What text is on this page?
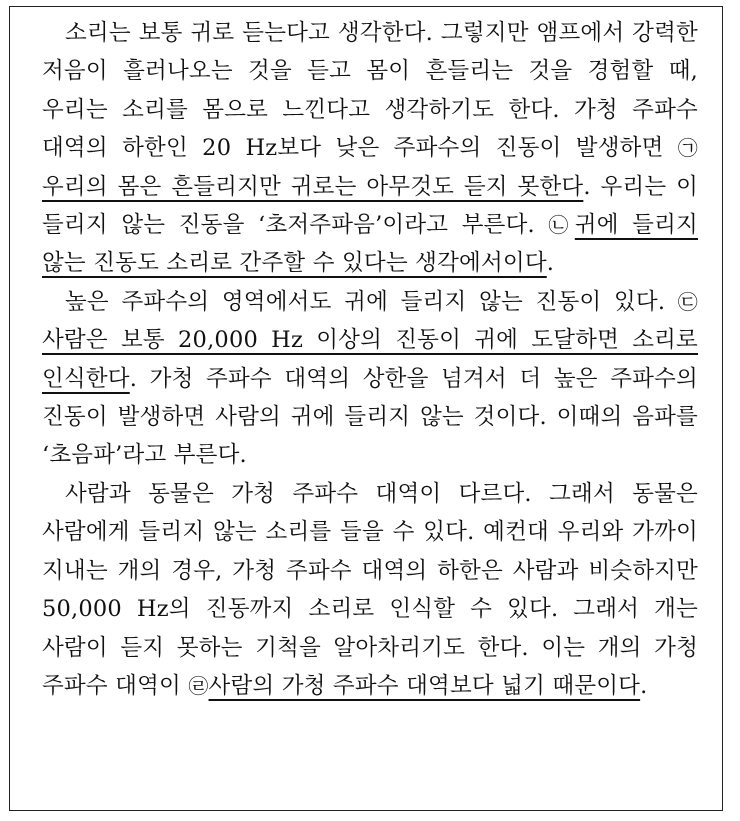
소리는 보통 귀로 듣는다고 생각한다. 그렇지만 앰프에서 강력한 저음이 흘러나오는 것을 듣고 몸이 흔들리는 것을 경험할 때, 우리는 소리를 몸으로 느낀다고 생각하기도 한다. 가청 주파수 대역의 하한인 20 Hz보다 낮은 주파수의 진동이 발생하면 ㉠우리의 몸은 흔들리지만 귀로는 아무것도 듣지 못한다. 우리는 이 들리지 않는 진동을 ‘초저주파음’이라고 부른다. ㉡귀에 들리지 않는 진동도 소리로 간주할 수 있다는 생각에서이다.

높은 주파수의 영역에서도 귀에 들리지 않는 진동이 있다. ㉢사람은 보통 20,000 Hz 이상의 진동이 귀에 도달하면 소리로 인식한다. 가청 주파수 대역의 상한을 넘겨서 더 높은 주파수의 진동이 발생하면 사람의 귀에 들리지 않는 것이다. 이때의 음파를 ‘초음파’라고 부른다.

사람과 동물은 가청 주파수 대역이 다르다. 그래서 동물은 사람에게 들리지 않는 소리를 들을 수 있다. 예컨대 우리와 가까이 지내는 개의 경우, 가청 주파수 대역의 하한은 사람과 비슷하지만 50,000 Hz의 진동까지 소리로 인식할 수 있다. 그래서 개는 사람이 듣지 못하는 기척을 알아차리기도 한다. 이는 개의 가청 주파수 대역이 ㉣사람의 가청 주파수 대역보다 넓기 때문이다.
